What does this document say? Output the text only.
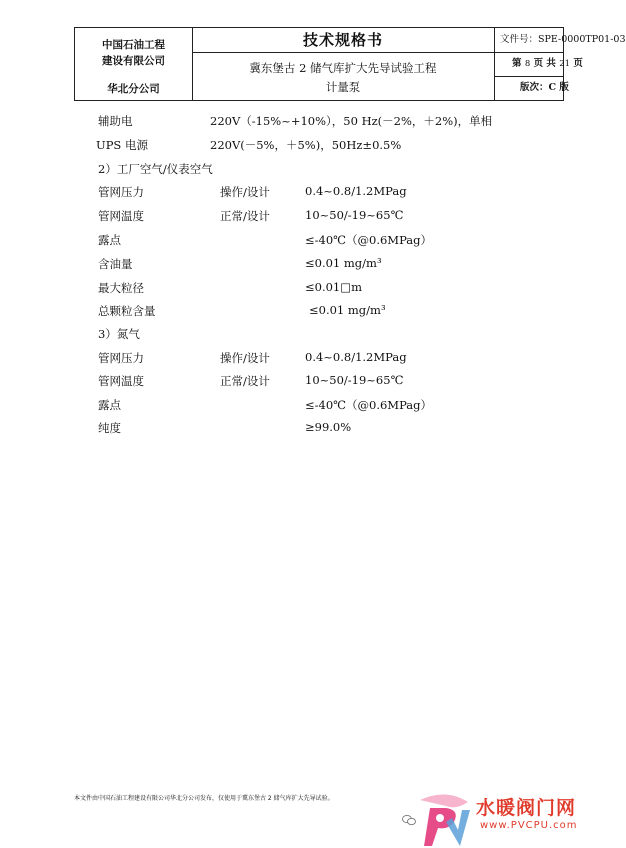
中国石油工程
建设有限公司
华北分公司
技术规格书
冀东堡古 2 储气库扩大先导试验工程
计量泵
文件号：SPE-0000TP01-03
第 8 页 共 21 页
版次：C 版
辅助电	220V（-15%~+10%），50 Hz(－2%，＋2%)，单相
UPS 电源	220V(－5%，＋5%)，50Hz±0.5%
2）工厂空气/仪表空气
管网压力	操作/设计	0.4~0.8/1.2MPag
管网温度	正常/设计	10~50/-19~65℃
露点	≤-40℃（@0.6MPag）
含油量	≤0.01 mg/m³
最大粒径	≤0.01□m
总颗粒含量	≤0.01 mg/m³
3）氮气
管网压力	操作/设计	0.4~0.8/1.2MPag
管网温度	正常/设计	10~50/-19~65℃
露点	≤-40℃（@0.6MPag）
纯度	≥99.0%
本文件由中国石油工程建设有限公司华北分公司发布，仅使用于冀东堡古 2 储气库扩大先导试验。	水暖阀门网
www.PVCPU.com
